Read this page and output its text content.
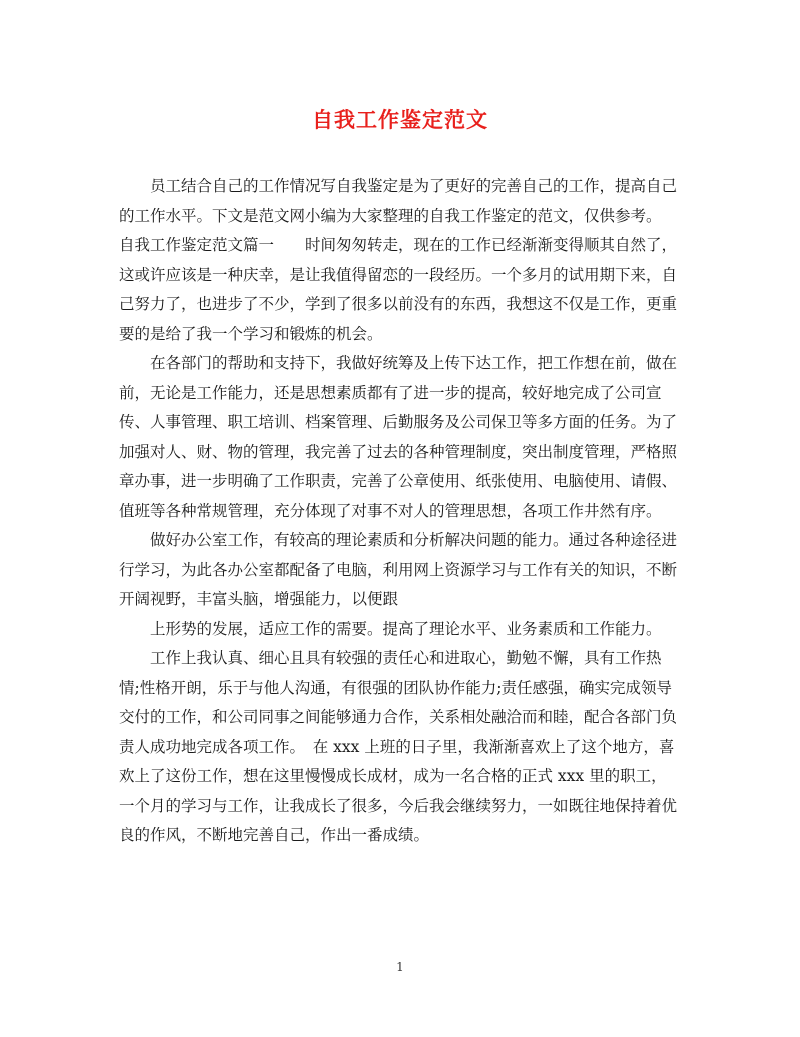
自我工作鉴定范文

员工结合自己的工作情况写自我鉴定是为了更好的完善自己的工作，提高自己的工作水平。下文是范文网小编为大家整理的自我工作鉴定的范文，仅供参考。

自我工作鉴定范文篇一　　时间匆匆转走，现在的工作已经渐渐变得顺其自然了，这或许应该是一种庆幸，是让我值得留恋的一段经历。一个多月的试用期下来，自己努力了，也进步了不少，学到了很多以前没有的东西，我想这不仅是工作，更重要的是给了我一个学习和锻炼的机会。

在各部门的帮助和支持下，我做好统筹及上传下达工作，把工作想在前，做在前，无论是工作能力，还是思想素质都有了进一步的提高，较好地完成了公司宣传、人事管理、职工培训、档案管理、后勤服务及公司保卫等多方面的任务。为了加强对人、财、物的管理，我完善了过去的各种管理制度，突出制度管理，严格照章办事，进一步明确了工作职责，完善了公章使用、纸张使用、电脑使用、请假、值班等各种常规管理，充分体现了对事不对人的管理思想，各项工作井然有序。

做好办公室工作，有较高的理论素质和分析解决问题的能力。通过各种途径进行学习，为此各办公室都配备了电脑，利用网上资源学习与工作有关的知识，不断开阔视野，丰富头脑，增强能力，以便跟

上形势的发展，适应工作的需要。提高了理论水平、业务素质和工作能力。

工作上我认真、细心且具有较强的责任心和进取心，勤勉不懈，具有工作热情;性格开朗，乐于与他人沟通，有很强的团队协作能力;责任感强，确实完成领导交付的工作，和公司同事之间能够通力合作，关系相处融洽而和睦，配合各部门负责人成功地完成各项工作。　在 xxx 上班的日子里，我渐渐喜欢上了这个地方，喜欢上了这份工作，想在这里慢慢成长成材，成为一名合格的正式 xxx 里的职工，一个月的学习与工作，让我成长了很多，今后我会继续努力，一如既往地保持着优良的作风，不断地完善自己，作出一番成绩。

1
